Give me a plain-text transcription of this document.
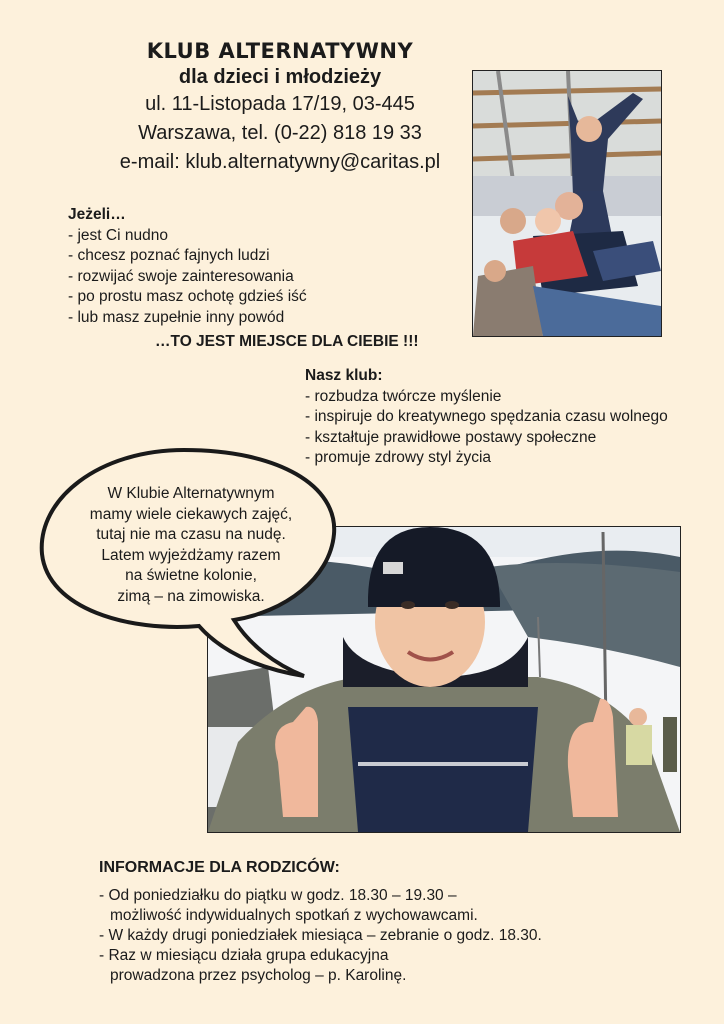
KLUB ALTERNATYWNY
dla dzieci i młodzieży
ul. 11-Listopada 17/19, 03-445
Warszawa, tel. (0-22) 818 19 33
e-mail: klub.alternatywny@caritas.pl
Jeżeli…
- jest Ci nudno
- chcesz poznać fajnych ludzi
- rozwijać swoje zainteresowania
- po prostu masz ochotę gdzieś iść
- lub masz zupełnie inny powód
…TO JEST MIEJSCE DLA CIEBIE !!!
Nasz klub:
- rozbudza twórcze myślenie
- inspiruje do kreatywnego spędzania czasu wolnego
- kształtuje prawidłowe postawy społeczne
- promuje zdrowy styl życia
W Klubie Alternatywnym
mamy wiele ciekawych zajęć,
tutaj nie ma czasu na nudę.
Latem wyjeżdżamy razem
na świetne kolonie,
zimą – na zimowiska.
INFORMACJE DLA RODZICÓW:
- Od poniedziałku do piątku w godz. 18.30 – 19.30 – możliwość indywidualnych spotkań z wychowawcami.
- W każdy drugi poniedziałek miesiąca – zebranie o godz. 18.30.
- Raz w miesiącu działa grupa edukacyjna prowadzona przez psycholog – p. Karolinę.
